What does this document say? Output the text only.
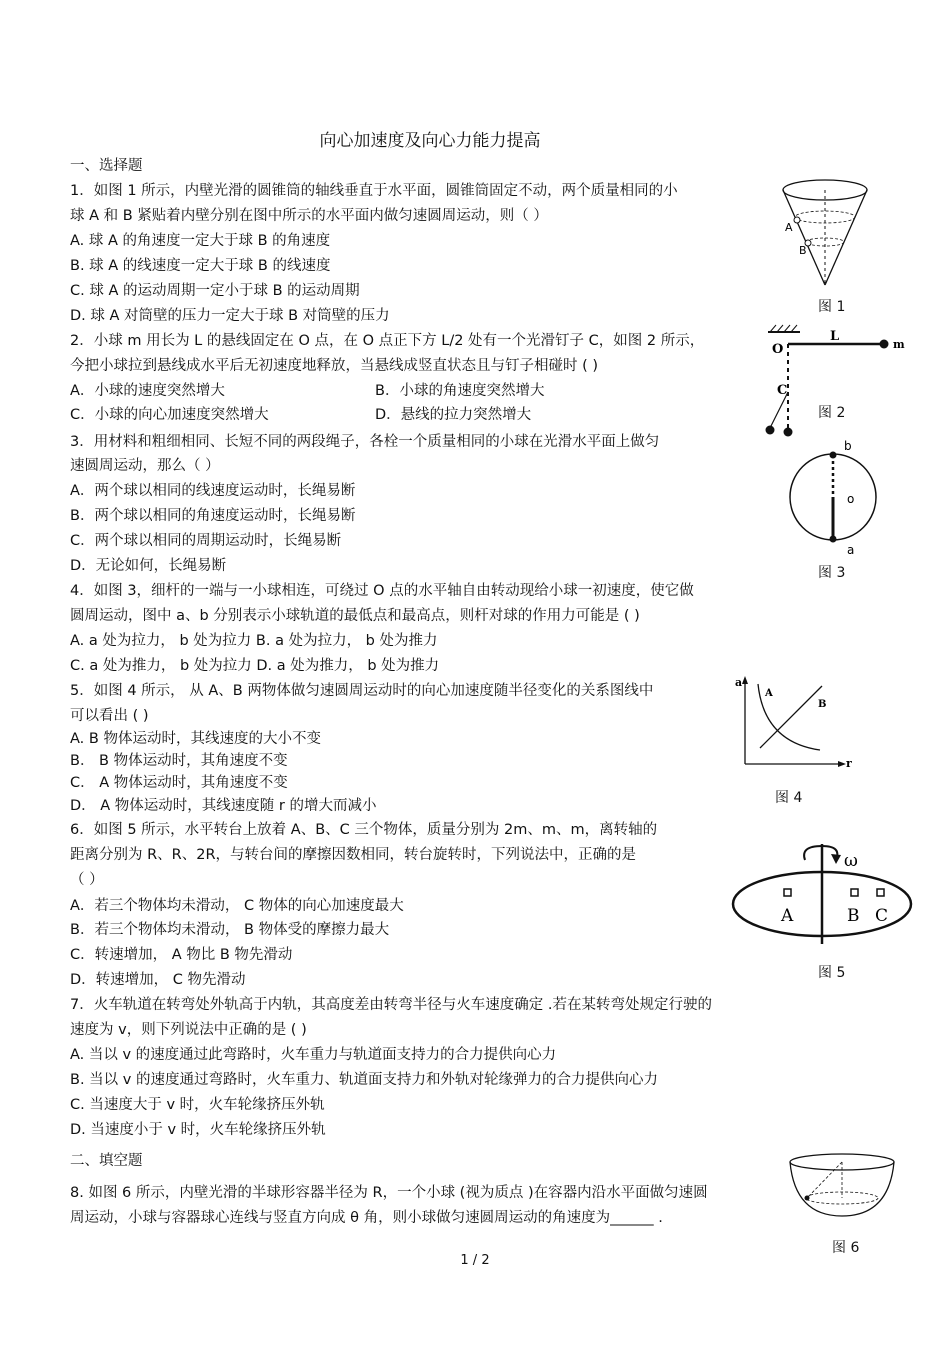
向心加速度及向心力能力提高
一、选择题
1．如图 1 所示，内壁光滑的圆锥筒的轴线垂直于水平面，圆锥筒固定不动，两个质量相同的小
球 A 和 B 紧贴着内壁分别在图中所示的水平面内做匀速圆周运动，则（ ）
A. 球 A 的角速度一定大于球 B 的角速度
B. 球 A 的线速度一定大于球 B 的线速度
C. 球 A 的运动周期一定小于球 B 的运动周期
D. 球 A 对筒壁的压力一定大于球 B 对筒壁的压力
2．小球 m 用长为 L 的悬线固定在 O 点，在 O 点正下方 L/2 处有一个光滑钉子 C，如图 2 所示，
今把小球拉到悬线成水平后无初速度地释放，当悬线成竖直状态且与钉子相碰时 ( )
A．小球的速度突然增大	B．小球的角速度突然增大
C．小球的向心加速度突然增大	D．悬线的拉力突然增大
3．用材料和粗细相同、长短不同的两段绳子，各栓一个质量相同的小球在光滑水平面上做匀
速圆周运动，那么（ ）
A．两个球以相同的线速度运动时，长绳易断
B．两个球以相同的角速度运动时，长绳易断
C．两个球以相同的周期运动时，长绳易断
D．无论如何，长绳易断
4．如图 3，细杆的一端与一小球相连，可绕过 O 点的水平轴自由转动现给小球一初速度，使它做
圆周运动，图中 a、b 分别表示小球轨道的最低点和最高点，则杆对球的作用力可能是 ( )
A. a 处为拉力， b 处为拉力 B. a 处为拉力， b 处为推力
C. a 处为推力， b 处为拉力 D. a 处为推力， b 处为推力
5．如图 4 所示， 从 A、B 两物体做匀速圆周运动时的向心加速度随半径变化的关系图线中
可以看出 ( )
A. B 物体运动时，其线速度的大小不变
B． B 物体运动时，其角速度不变
C． A 物体运动时，其角速度不变
D． A 物体运动时，其线速度随 r 的增大而减小
6．如图 5 所示，水平转台上放着 A、B、C 三个物体，质量分别为 2m、m、m，离转轴的
距离分别为 R、R、2R，与转台间的摩擦因数相同，转台旋转时，下列说法中，正确的是
（ ）
A．若三个物体均未滑动， C 物体的向心加速度最大
B．若三个物体均未滑动， B 物体受的摩擦力最大
C．转速增加， A 物比 B 物先滑动
D．转速增加， C 物先滑动
7．火车轨道在转弯处外轨高于内轨，其高度差由转弯半径与火车速度确定 .若在某转弯处规定行驶的
速度为 v，则下列说法中正确的是 ( )
A. 当以 v 的速度通过此弯路时，火车重力与轨道面支持力的合力提供向心力
B. 当以 v 的速度通过弯路时，火车重力、轨道面支持力和外轨对轮缘弹力的合力提供向心力
C. 当速度大于 v 时，火车轮缘挤压外轨
D. 当速度小于 v 时，火车轮缘挤压外轨
二、填空题
8. 如图 6 所示，内壁光滑的半球形容器半径为 R，一个小球 (视为质点 )在容器内沿水平面做匀速圆
周运动，小球与容器球心连线与竖直方向成 θ 角，则小球做匀速圆周运动的角速度为______ .
A
B
图 1
O
L
m
C
图 2
b
o
a
图 3
a
r
A
B
图 4
ω
A	B C
图 5
图 6
1 / 2
